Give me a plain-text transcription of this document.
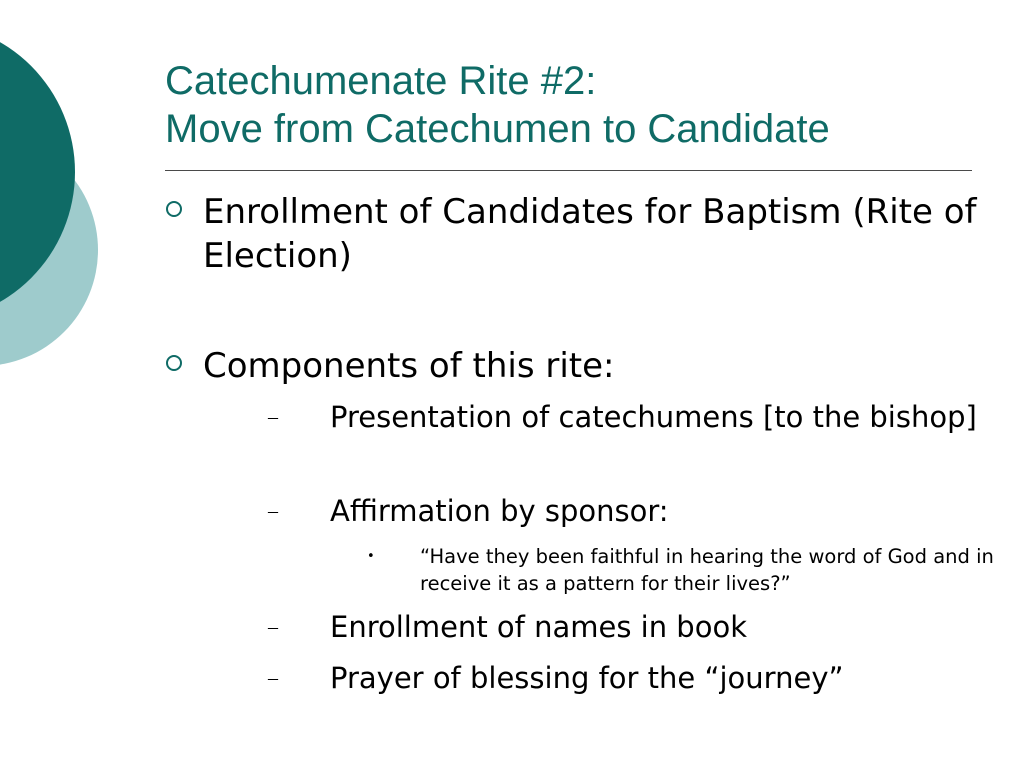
Catechumenate Rite #2:
Move from Catechumen to Candidate
Enrollment of Candidates for Baptism (Rite of Election)
Components of this rite:
– Presentation of catechumens [to the bishop]
– Affirmation by sponsor:
• “Have they been faithful in hearing the word of God and in receive it as a pattern for their lives?”
– Enrollment of names in book
– Prayer of blessing for the “journey”
